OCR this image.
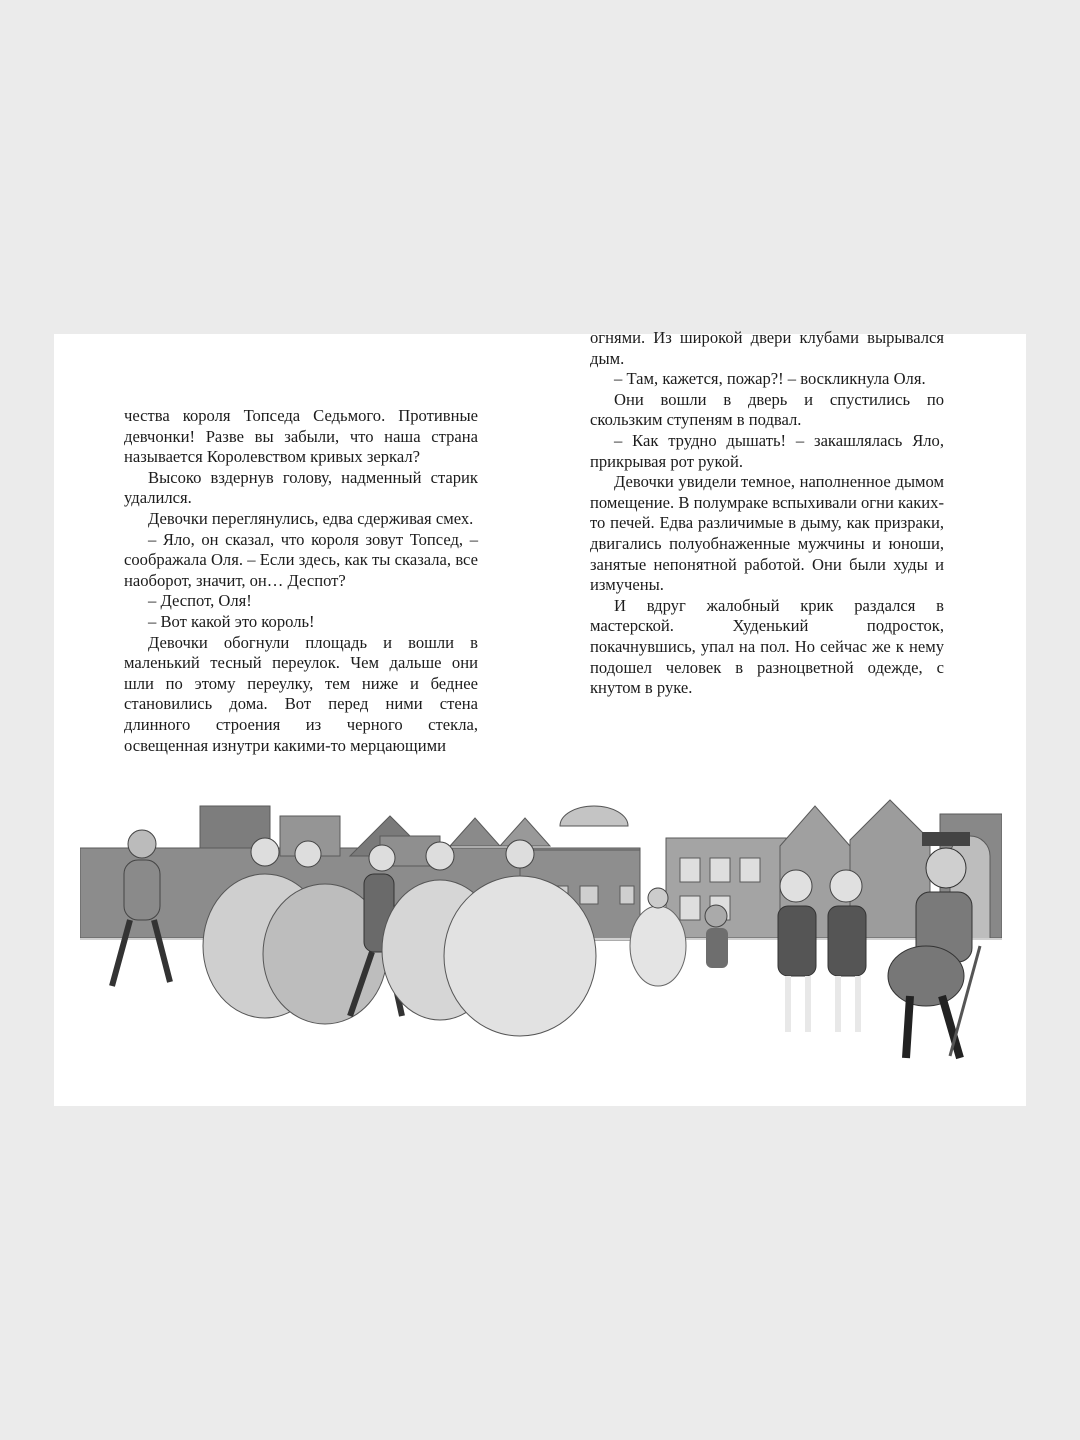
чества короля Топседа Седьмого. Противные девчонки! Разве вы забыли, что наша страна называется Королевством кривых зеркал?

Высоко вздернув голову, надменный старик удалился.

Девочки переглянулись, едва сдерживая смех.

– Яло, он сказал, что короля зовут Топсед, – соображала Оля. – Если здесь, как ты сказала, все наоборот, значит, он… Деспот?

– Деспот, Оля!

– Вот какой это король!

Девочки обогнули площадь и вошли в маленький тесный переулок. Чем дальше они шли по этому переулку, тем ниже и беднее становились дома. Вот перед ними стена длинного строения из черного стекла, освещенная изнутри какими-то мерцающими

огнями. Из широкой двери клубами вырывался дым.

– Там, кажется, пожар?! – воскликнула Оля.

Они вошли в дверь и спустились по скользким ступеням в подвал.

– Как трудно дышать! – закашлялась Яло, прикрывая рот рукой.

Девочки увидели темное, наполненное дымом помещение. В полумраке вспыхивали огни каких-то печей. Едва различимые в дыму, как призраки, двигались полуобнаженные мужчины и юноши, занятые непонятной работой. Они были худы и измучены.

И вдруг жалобный крик раздался в мастерской. Худенький подросток, покачнувшись, упал на пол. Но сейчас же к нему подошел человек в разноцветной одежде, с кнутом в руке.
